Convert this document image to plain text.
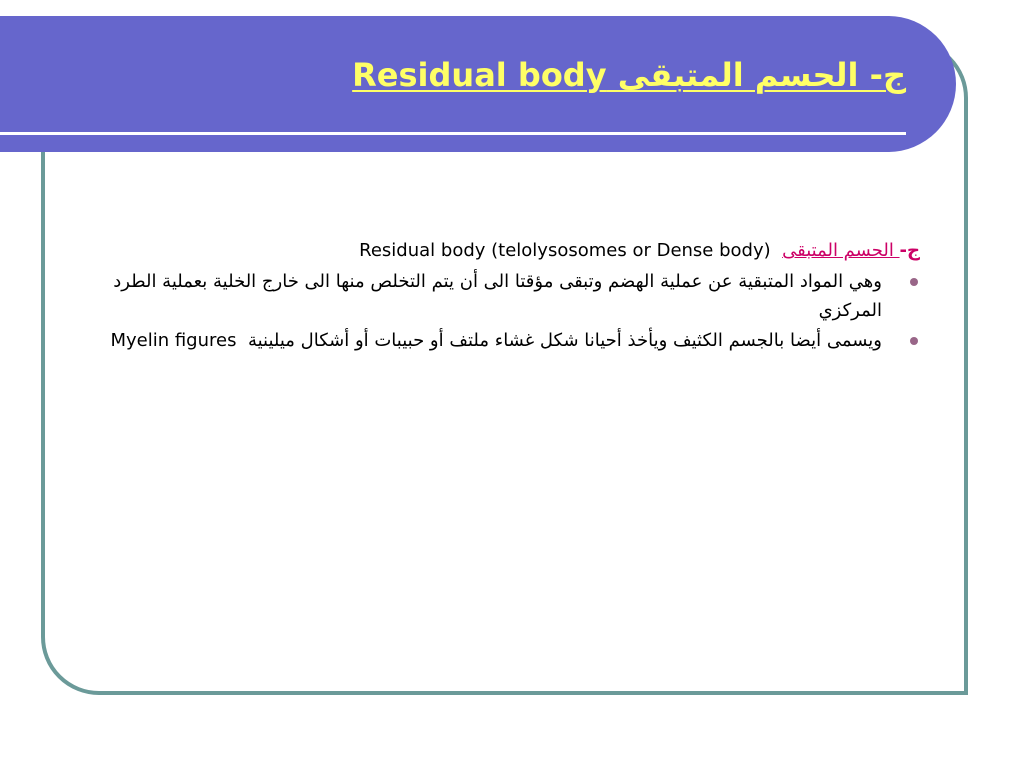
ج- الحسم المتبقى Residual body
ج- الحسم المتبقى  Residual body (telolysosomes or Dense body)
وهي المواد المتبقية عن عملية الهضم وتبقى مؤقتا الى أن يتم التخلص منها الى خارج الخلية بعملية الطرد المركزي
ويسمى أيضا بالجسم الكثيف ويأخذ أحيانا شكل غشاء ملتف أو حبيبات أو أشكال ميلينية  Myelin figures
